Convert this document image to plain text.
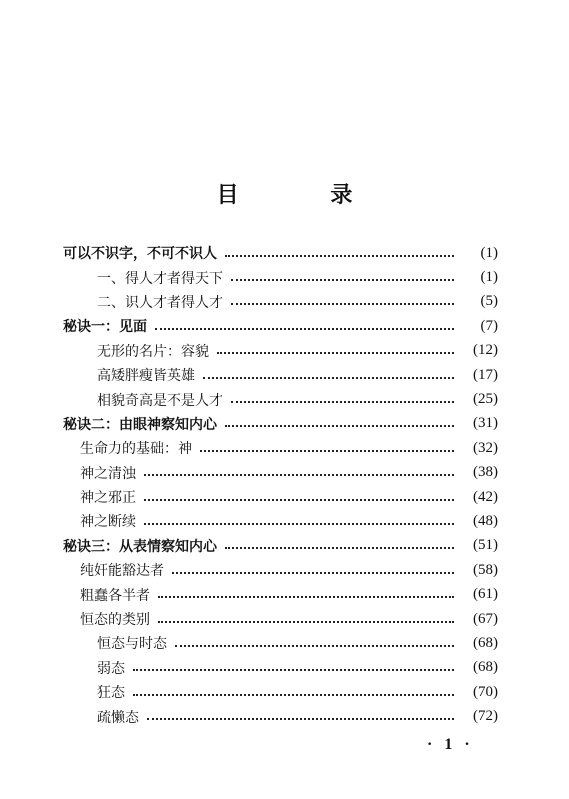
目 录
可以不识字，不可不识人	(1)
一、得人才者得天下	(1)
二、识人才者得人才	(5)
秘诀一：见面	(7)
无形的名片：容貌	(12)
高矮胖瘦皆英雄	(17)
相貌奇高是不是人才	(25)
秘诀二：由眼神察知内心	(31)
生命力的基础：神	(32)
神之清浊	(38)
神之邪正	(42)
神之断续	(48)
秘诀三：从表情察知内心	(51)
纯奸能豁达者	(58)
粗蠢各半者	(61)
恒态的类别	(67)
恒态与时态	(68)
弱态	(68)
狂态	(70)
疏懒态	(72)
· 1 ·
